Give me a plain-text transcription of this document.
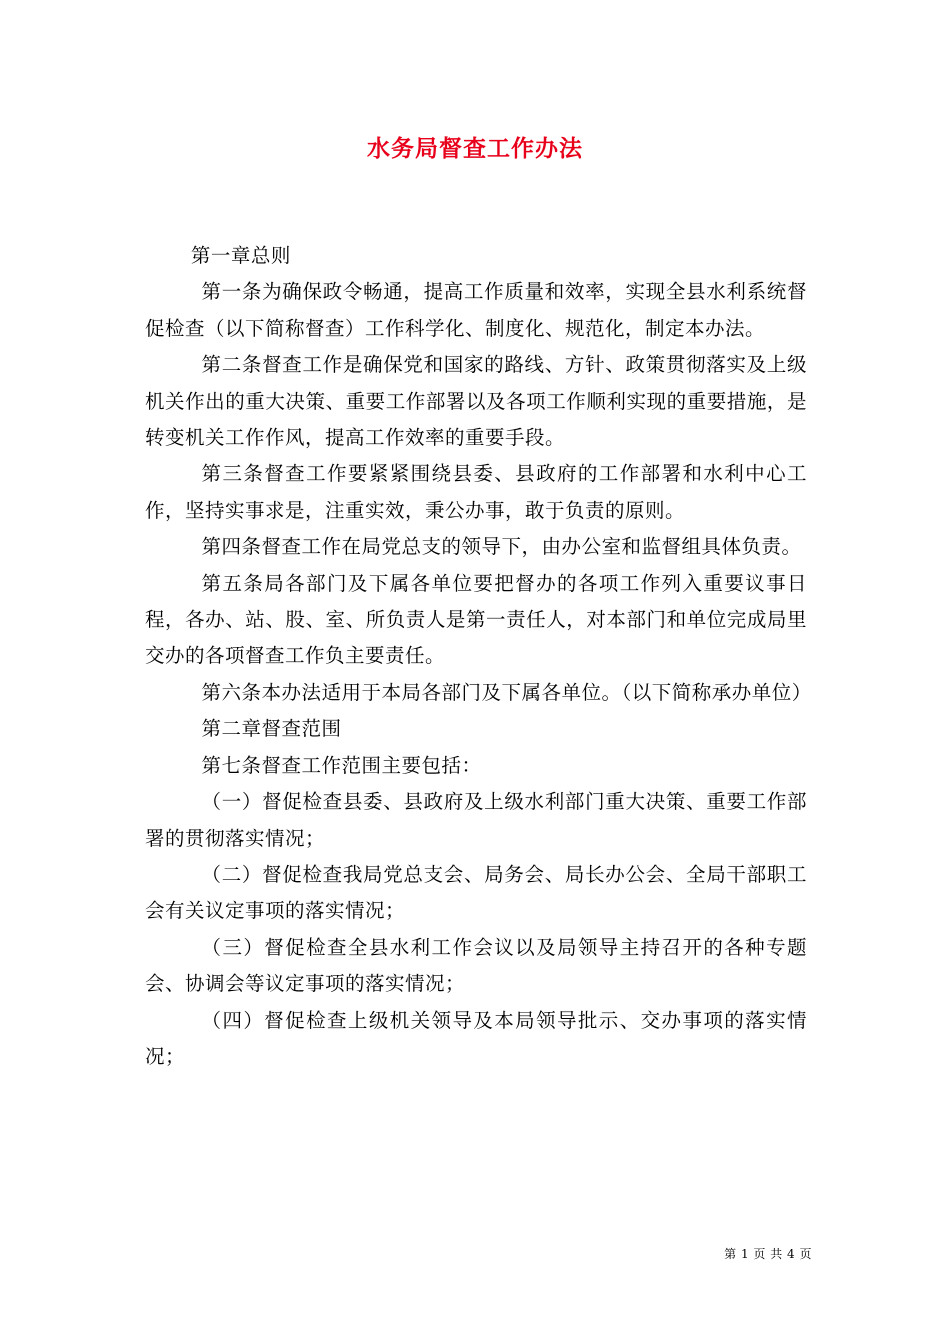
水务局督查工作办法

第一章总则

第一条为确保政令畅通，提高工作质量和效率，实现全县水利系统督促检查（以下简称督查）工作科学化、制度化、规范化，制定本办法。

第二条督查工作是确保党和国家的路线、方针、政策贯彻落实及上级机关作出的重大决策、重要工作部署以及各项工作顺利实现的重要措施，是转变机关工作作风，提高工作效率的重要手段。

第三条督查工作要紧紧围绕县委、县政府的工作部署和水利中心工作，坚持实事求是，注重实效，秉公办事，敢于负责的原则。

第四条督查工作在局党总支的领导下，由办公室和监督组具体负责。

第五条局各部门及下属各单位要把督办的各项工作列入重要议事日程，各办、站、股、室、所负责人是第一责任人，对本部门和单位完成局里交办的各项督查工作负主要责任。

第六条本办法适用于本局各部门及下属各单位。（以下简称承办单位）

第二章督查范围

第七条督查工作范围主要包括：

（一）督促检查县委、县政府及上级水利部门重大决策、重要工作部署的贯彻落实情况；

（二）督促检查我局党总支会、局务会、局长办公会、全局干部职工会有关议定事项的落实情况；

（三）督促检查全县水利工作会议以及局领导主持召开的各种专题会、协调会等议定事项的落实情况；

（四）督促检查上级机关领导及本局领导批示、交办事项的落实情况；

第 1 页 共 4 页
